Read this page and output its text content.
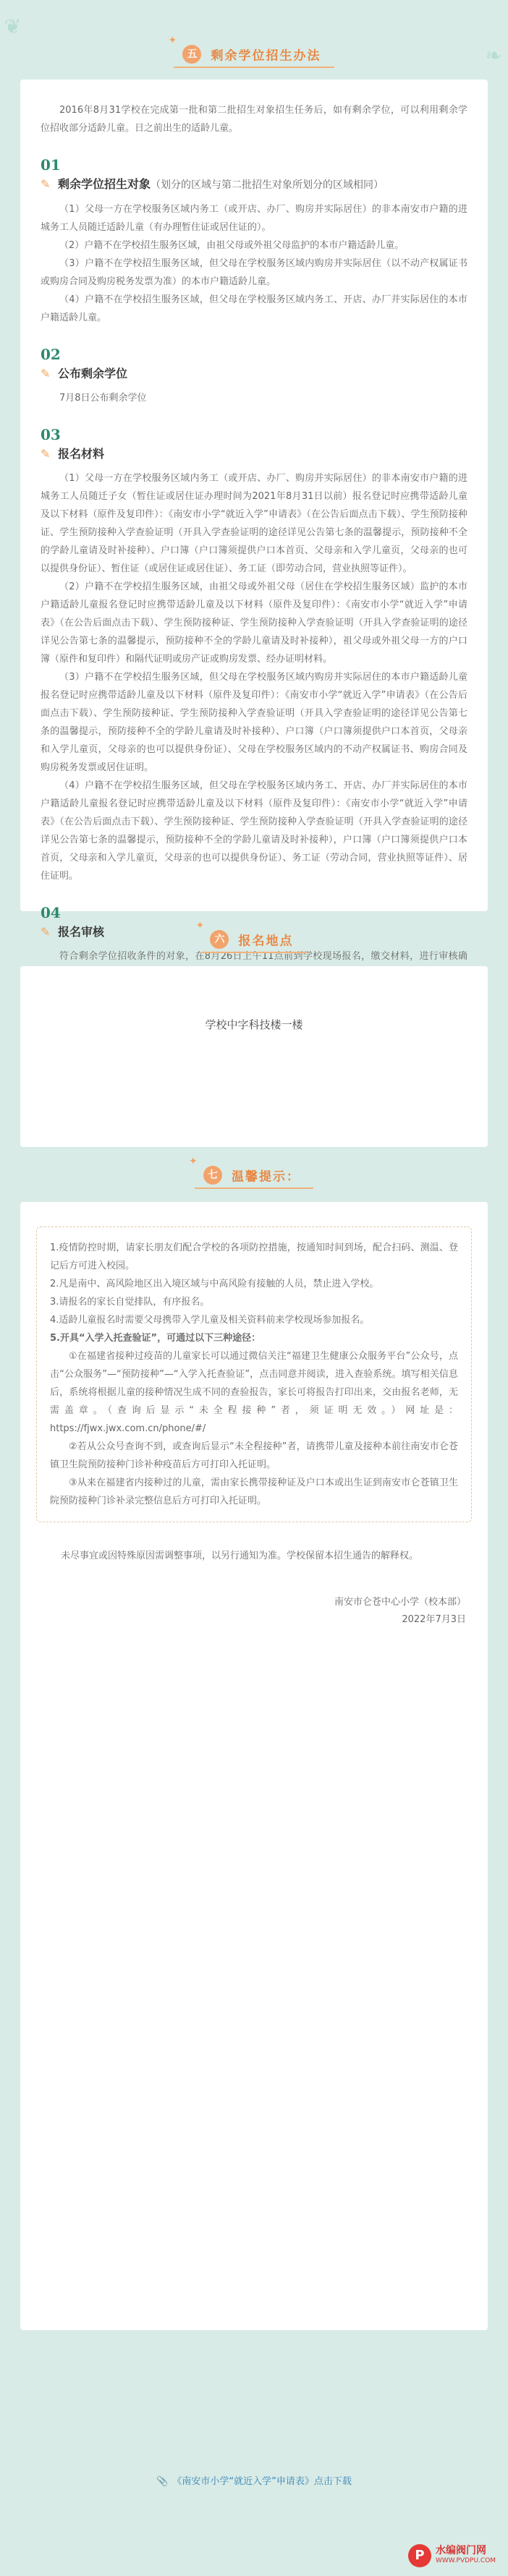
❦
❧
✦
五 剩余学位招生办法

2016年8月31学校在完成第一批和第二批招生对象招生任务后，如有剩余学位，可以利用剩余学位招收部分适龄儿童。日之前出生的适龄儿童。

01
✎ 剩余学位招生对象（划分的区域与第二批招生对象所划分的区域相同）

（1）父母一方在学校服务区域内务工（或开店、办厂、购房并实际居住）的非本南安市户籍的进城务工人员随迁适龄儿童（有办理暂住证或居住证的）。

（2）户籍不在学校招生服务区域，由祖父母或外祖父母监护的本市户籍适龄儿童。

（3）户籍不在学校招生服务区域，但父母在学校服务区域内购房并实际居住（以不动产权属证书或购房合同及购房税务发票为准）的本市户籍适龄儿童。

（4）户籍不在学校招生服务区域，但父母在学校服务区域内务工、开店、办厂并实际居住的本市户籍适龄儿童。

02
✎ 公布剩余学位

7月8日公布剩余学位

03
✎ 报名材料

（1）父母一方在学校服务区域内务工（或开店、办厂、购房并实际居住）的非本南安市户籍的进城务工人员随迁子女（暂住证或居住证办理时间为2021年8月31日以前）报名登记时应携带适龄儿童及以下材料（原件及复印件）：《南安市小学“就近入学”申请表》（在公告后面点击下载）、学生预防接种证、学生预防接种入学查验证明（开具入学查验证明的途径详见公告第七条的温馨提示，预防接种不全的学龄儿童请及时补接种）、户口簿（户口簿须提供户口本首页、父母亲和入学儿童页，父母亲的也可以提供身份证）、暂住证（或居住证或居住证）、务工证（即劳动合同，营业执照等证件）。

（2）户籍不在学校招生服务区域，由祖父母或外祖父母（居住在学校招生服务区域）监护的本市户籍适龄儿童报名登记时应携带适龄儿童及以下材料（原件及复印件）：《南安市小学“就近入学”申请表》（在公告后面点击下载）、学生预防接种证、学生预防接种入学查验证明（开具入学查验证明的途径详见公告第七条的温馨提示，预防接种不全的学龄儿童请及时补接种），祖父母或外祖父母一方的户口簿（原件和复印件）和隔代证明或房产证或购房发票、经办证明材料。

（3）户籍不在学校招生服务区域，但父母在学校服务区域内购房并实际居住的本市户籍适龄儿童报名登记时应携带适龄儿童及以下材料（原件及复印件）：《南安市小学“就近入学”申请表》（在公告后面点击下载）、学生预防接种证、学生预防接种入学查验证明（开具入学查验证明的途径详见公告第七条的温馨提示，预防接种不全的学龄儿童请及时补接种）、户口簿（户口簿须提供户口本首页，父母亲和入学儿童页，父母亲的也可以提供身份证）、父母在学校服务区域内的不动产权属证书、购房合同及购房税务发票或居住证明。

（4）户籍不在学校招生服务区域，但父母在学校服务区域内务工、开店、办厂并实际居住的本市户籍适龄儿童报名登记时应携带适龄儿童及以下材料（原件及复印件）：《南安市小学“就近入学”申请表》（在公告后面点击下载）、学生预防接种证、学生预防接种入学查验证明（开具入学查验证明的途径详见公告第七条的温馨提示，预防接种不全的学龄儿童请及时补接种），户口簿（户口簿须提供户口本首页，父母亲和入学儿童页，父母亲的也可以提供身份证）、务工证（劳动合同，营业执照等证件）、居住证明。

04
✎ 报名审核

符合剩余学位招收条件的对象，在8月26日上午11点前到学校现场报名，缴交材料，进行审核确

✦
六 报名地点
学校中字科技楼一楼
✦
七 温馨提示：

1.疫情防控时期，请家长朋友们配合学校的各项防控措施，按通知时间到场，配合扫码、测温、登记后方可进入校园。

2.凡是南中、高风险地区出入境区域与中高风险有接触的人员，禁止进入学校。

3.请报名的家长自觉排队，有序报名。

4.适龄儿童报名时需要父母携带入学儿童及相关资料前来学校现场参加报名。

5.开具“入学入托查验证”，可通过以下三种途径：

①在福建省接种过疫苗的儿童家长可以通过微信关注“福建卫生健康公众服务平台”公众号，点击“公众服务”—“预防接种”—“入学入托查验证”，点击同意并阅读，进入查验系统。填写相关信息后，系统将根据儿童的接种情况生成不同的查验报告，家长可将报告打印出来，交由报名老师，无需盖章。（查询后显示“未全程接种”者，须证明无效。）网址是：https://fjwx.jwx.com.cn/phone/#/

②若从公众号查询不到，或查询后显示“未全程接种”者，请携带儿童及接种本前往南安市仑苍镇卫生院预防接种门诊补种疫苗后方可打印入托证明。

③从来在福建省内接种过的儿童，需由家长携带接种证及户口本或出生证到南安市仑苍镇卫生院预防接种门诊补录完整信息后方可打印入托证明。

未尽事宜或因特殊原因需调整事项，以另行通知为准。学校保留本招生通告的解释权。

南安市仑苍中心小学（校本部）

2022年7月3日

📎 《南安市小学“就近入学”申请表》点击下载
P	水编阀门网
WWW.PVDPU.COM
